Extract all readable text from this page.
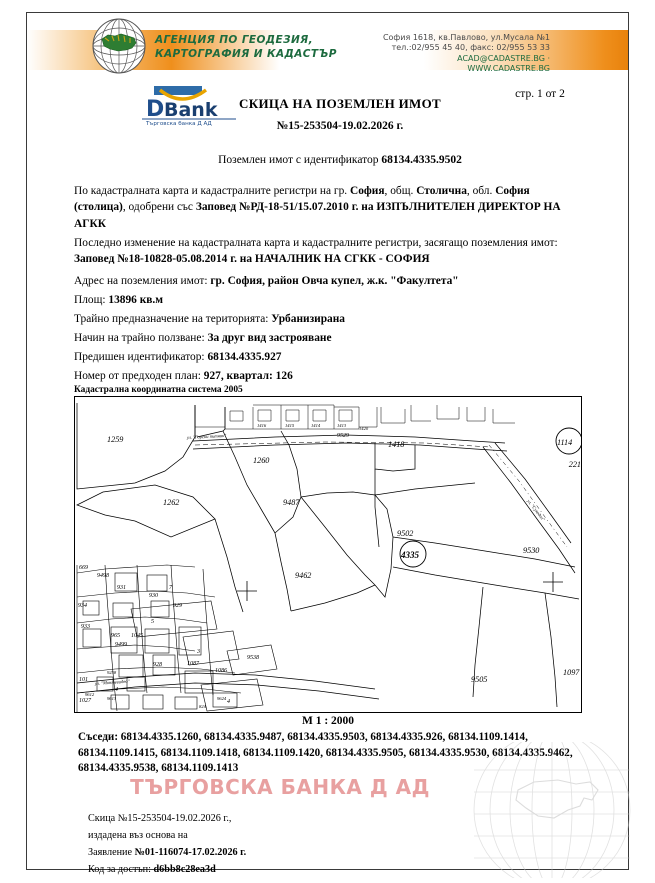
АГЕНЦИЯ ПО ГЕОДЕЗИЯ,
КАРТОГРАФИЯ И КАДАСТЪР
София 1618, кв.Павлово, ул.Мусала №1
тел.:02/955 45 40, факс: 02/955 53 33
ACAD@CADASTRE.BG · WWW.CADASTRE.BG
D Bank
Търговска банка Д АД
стр. 1 от 2
СКИЦА НА ПОЗЕМЛЕН ИМОТ
№15-253504-19.02.2026 г.
Поземлен имот с идентификатор 68134.4335.9502

По кадастралната карта и кадастралните регистри на гр. София, общ. Столична, обл. София (столица), одобрени със Заповед №РД-18-51/15.07.2010 г. на ИЗПЪЛНИТЕЛЕН ДИРЕКТОР НА АГКК

Последно изменение на кадастралната карта и кадастралните регистри, засягащо поземления имот: Заповед №18-10828-05.08.2014 г. на НАЧАЛНИК НА СГКК - СОФИЯ

Адрес на поземления имот: гр. София, район Овча купел, ж.к. "Факултета"
Площ: 13896 кв.м
Трайно предназначение на територията: Урбанизирана
Начин на трайно ползване: За друг вид застрояване
Предишен идентификатор: 68134.4335.927
Номер от предходен план: 927, квартал: 126
Кадастрална координатна система 2005
4335
9502
1114
1259
1262
1260
9487
9462
1418
9529
221
9530
9505
1097
9538
669
9498
931
930
929
934
933
1045
965
9499
928
1086
1087
101
1027
9612
9613
9258
9624
824
1416	1415	1414	1413
1420
5
3
4
7
4
ул. "Горски пътник"
ул. "Суходол"
ул. "Монтевидео"
М 1 : 2000
Съседи: 68134.4335.1260, 68134.4335.9487, 68134.4335.9503, 68134.4335.926, 68134.1109.1414, 68134.1109.1415, 68134.1109.1418, 68134.1109.1420, 68134.4335.9505, 68134.4335.9530, 68134.4335.9462, 68134.4335.9538, 68134.1109.1413
ТЪРГОВСКА БАНКА Д АД
Скица №15-253504-19.02.2026 г.,
издадена въз основа на
Заявление №01-116074-17.02.2026 г.
Код за достъп: d6bb8c28ea3d
